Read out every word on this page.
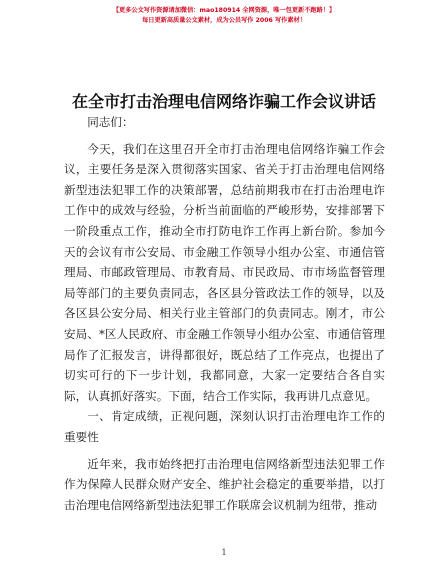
【更多公文写作资源请加微信：mao180914 全网资源，唯一包更新不跑路！】
每日更新高质量公文素材，成为公员写作 2006 写作素材！
在全市打击治理电信网络诈骗工作会议讲话

同志们：

今天，我们在这里召开全市打击治理电信网络诈骗工作会议，主要任务是深入贯彻落实国家、省关于打击治理电信网络新型违法犯罪工作的决策部署，总结前期我市在打击治理电诈工作中的成效与经验，分析当前面临的严峻形势，安排部署下一阶段重点工作，推动全市打防电诈工作再上新台阶。参加今天的会议有市公安局、市金融工作领导小组办公室、市通信管理局、市邮政管理局、市教育局、市民政局、市市场监督管理局等部门的主要负责同志，各区县分管政法工作的领导，以及各区县公安分局、相关行业主管部门的负责同志。刚才，市公安局、*区人民政府、市金融工作领导小组办公室、市通信管理局作了汇报发言，讲得都很好，既总结了工作亮点，也提出了切实可行的下一步计划，我都同意，大家一定要结合各自实际，认真抓好落实。下面，结合工作实际，我再讲几点意见。

一、肯定成绩，正视问题，深刻认识打击治理电诈工作的重要性

近年来，我市始终把打击治理电信网络新型违法犯罪工作作为保障人民群众财产安全、维护社会稳定的重要举措，以打击治理电信网络新型违法犯罪工作联席会议机制为纽带，推动

1
